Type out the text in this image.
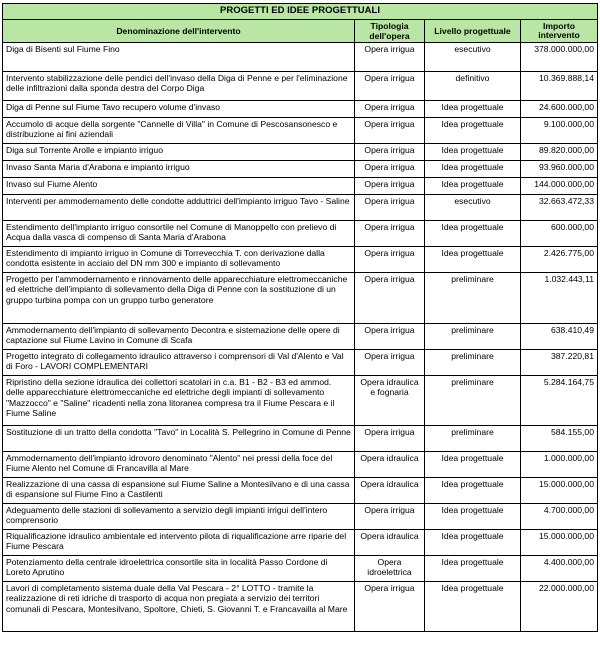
PROGETTI ED IDEE PROGETTUALI			
Denominazione dell'intervento	Tipologia dell'opera	Livello progettuale	Importo intervento
Diga di Bisenti sul Fiume Fino	Opera irrigua	esecutivo	378.000.000,00
Intervento stabilizzazione delle pendici dell'invaso della Diga di Penne e per l'eliminazione delle infiltrazioni dalla sponda destra del Corpo Diga	Opera irrigua	definitivo	10.369.888,14
Diga di Penne sul Fiume Tavo recupero volume d'invaso	Opera irrigua	Idea progettuale	24.600.000,00
Accumolo di acque della sorgente "Cannelle di Villa" in Comune di Pescosansonesco e distribuzione ai fini aziendali	Opera irrigua	Idea progettuale	9.100.000,00
Diga sul Torrente Arolle e impianto irriguo	Opera irrigua	Idea progettuale	89.820.000,00
Invaso Santa Maria d'Arabona e impianto irriguo	Opera irrigua	Idea progettuale	93.960.000,00
Invaso sul Fiume Alento	Opera irrigua	Idea progettuale	144.000.000,00
Interventi per ammodernamento delle condotte adduttrici dell'impianto irriguo Tavo - Saline	Opera irrigua	esecutivo	32.663.472,33
Estendimento dell'impianto irriguo consortile nel Comune di Manoppello con prelievo di Acqua dalla vasca di compenso di Santa Maria d'Arabona	Opera irrigua	Idea progettuale	600.000,00
Estendimento di impianto irriguo in Comune di Torrevecchia T. con derivazione dalla condotta esistente in acciaio del DN mm 300 e impianto di sollevamento	Opera irrigua	Idea progettuale	2.426.775,00
Progetto per l'ammodernamento e rinnovamento delle apparecchiature elettromeccaniche ed elettriche dell'impianto di sollevamento della Diga di Penne con la sostituzione di un gruppo turbina pompa con un gruppo turbo generatore	Opera irrigua	preliminare	1.032.443,11
Ammodernamento dell'impianto di sollevamento Decontra e sistemazione delle opere di captazione sul Fiume Lavino in Comune di Scafa	Opera irrigua	preliminare	638.410,49
Progetto integrato di collegamento idraulico attraverso i comprensori di Val d'Alento e Val di Foro - LAVORI COMPLEMENTARI	Opera irrigua	preliminare	387.220,81
Ripristino della sezione idraulica dei collettori scatolari in c.a. B1 - B2 - B3 ed ammod. delle apparecchiature elettromeccaniche ed elettriche degli impianti di sollevamento "Mazzocco" e "Saline" ricadenti nella zona litoranea compresa tra il Fiume Pescara e il Fiume Saline	Opera idraulica e fognaria	preliminare	5.284.164,75
Sostituzione di un tratto della condotta "Tavo" in Località S. Pellegrino in Comune di Penne	Opera irrigua	preliminare	584.155,00
Ammodernamento dell'impianto idrovoro denominato "Alento" nei pressi della foce del Fiume Alento nel Comune di Francavilla al Mare	Opera idraulica	Idea progettuale	1.000.000,00
Realizzazione di una cassa di espansione sul Fiume Saline a Montesilvano e di una cassa di espansione sul Fiume Fino a Castilenti	Opera idraulica	Idea progettuale	15.000.000,00
Adeguamento delle stazioni di sollevamento a servizio degli impianti irrigui dell'intero comprensorio	Opera irrigua	Idea progettuale	4.700.000,00
Riqualificazione idraulico ambientale ed intervento pilota di riqualificazione arre riparie del Fiume Pescara	Opera idraulica	Idea progettuale	15.000.000,00
Potenziamento della centrale idroelettrica consortile sita in località Passo Cordone di Loreto Aprutino	Opera idroelettrica	Idea progettuale	4.400.000,00
Lavori di completamento sistema duale della Val Pescara - 2° LOTTO - tramite la realizzazione di reti idriche di trasporto di acqua non pregiata a servizio dei territori comunali di Pescara, Montesilvano, Spoltore, Chieti, S. Giovanni T. e Francavailla al Mare	Opera irrigua	Idea progettuale	22.000.000,00
